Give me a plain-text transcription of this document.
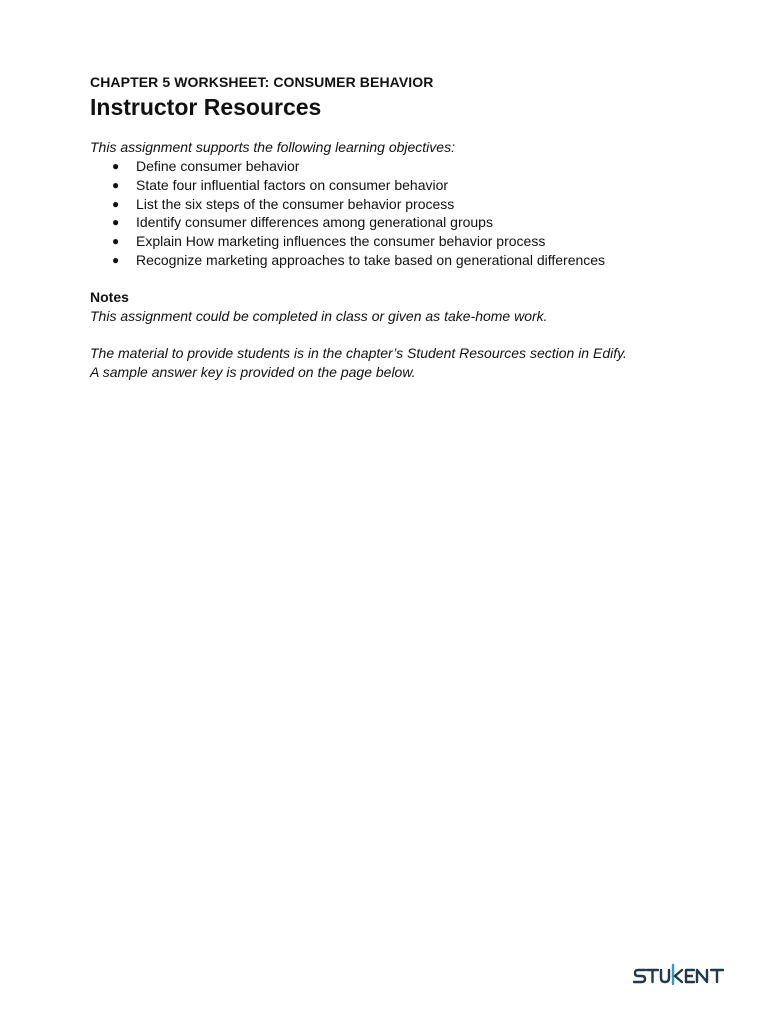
CHAPTER 5 WORKSHEET: CONSUMER BEHAVIOR
Instructor Resources
This assignment supports the following learning objectives:
● Define consumer behavior
● State four influential factors on consumer behavior
● List the six steps of the consumer behavior process
● Identify consumer differences among generational groups
● Explain How marketing influences the consumer behavior process
● Recognize marketing approaches to take based on generational differences
Notes
This assignment could be completed in class or given as take-home work.
The material to provide students is in the chapter’s Student Resources section in Edify.
A sample answer key is provided on the page below.
